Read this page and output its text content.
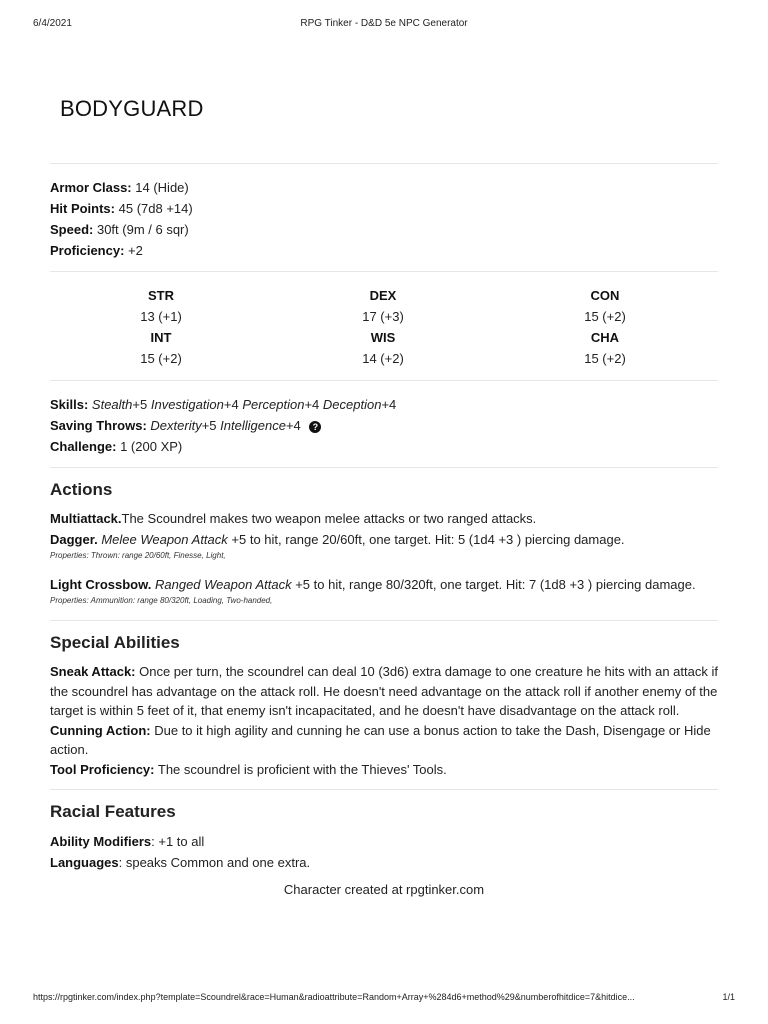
6/4/2021	RPG Tinker - D&D 5e NPC Generator
BODYGUARD
Armor Class: 14 (Hide)
Hit Points: 45 (7d8 +14)
Speed: 30ft (9m / 6 sqr)
Proficiency: +2
STR	DEX	CON
13 (+1)	17 (+3)	15 (+2)
INT	WIS	CHA
15 (+2)	14 (+2)	15 (+2)
Skills: Stealth+5 Investigation+4 Perception+4 Deception+4
Saving Throws: Dexterity+5 Intelligence+4 ?
Challenge: 1 (200 XP)
Actions
Multiattack.The Scoundrel makes two weapon melee attacks or two ranged attacks.
Dagger. Melee Weapon Attack +5 to hit, range 20/60ft, one target. Hit: 5 (1d4 +3 ) piercing damage.
Properties: Thrown: range 20/60ft, Finesse, Light,
Light Crossbow. Ranged Weapon Attack +5 to hit, range 80/320ft, one target. Hit: 7 (1d8 +3 ) piercing damage.
Properties: Ammunition: range 80/320ft, Loading, Two-handed,
Special Abilities
Sneak Attack: Once per turn, the scoundrel can deal 10 (3d6) extra damage to one creature he hits with an attack if the scoundrel has advantage on the attack roll. He doesn't need advantage on the attack roll if another enemy of the target is within 5 feet of it, that enemy isn't incapacitated, and he doesn't have disadvantage on the attack roll.
Cunning Action: Due to it high agility and cunning he can use a bonus action to take the Dash, Disengage or Hide action.
Tool Proficiency: The scoundrel is proficient with the Thieves' Tools.
Racial Features
Ability Modifiers: +1 to all
Languages: speaks Common and one extra.
Character created at rpgtinker.com
https://rpgtinker.com/index.php?template=Scoundrel&race=Human&radioattribute=Random+Array+%284d6+method%29&numberofhitdice=7&hitdice...	1/1
